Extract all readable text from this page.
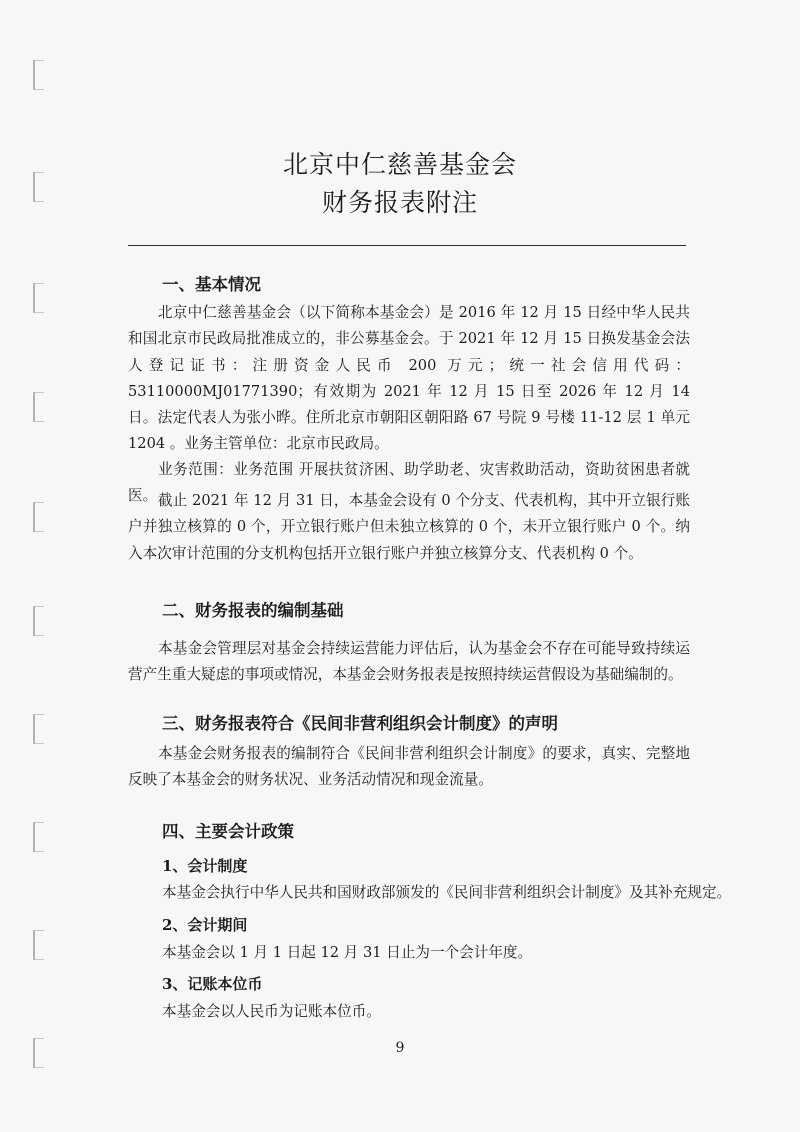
北京中仁慈善基金会
财务报表附注
一、基本情况
北京中仁慈善基金会（以下简称本基金会）是 2016 年 12 月 15 日经中华人民共和国北京市民政局批准成立的，非公募基金会。于 2021 年 12 月 15 日换发基金会法人登记证书：注册资金人民币 200 万元；统一社会信用代码：53110000MJ01771390；有效期为 2021 年 12 月 15 日至 2026 年 12 月 14 日。法定代表人为张小晔。住所北京市朝阳区朝阳路 67 号院 9 号楼 11-12 层 1 单元 1204 。业务主管单位：北京市民政局。
业务范围：业务范围 开展扶贫济困、助学助老、灾害救助活动，资助贫困患者就医。 截止 2021 年 12 月 31 日，本基金会设有 0 个分支、代表机构，其中开立银行账户并独立核算的 0 个，开立银行账户但未独立核算的 0 个，未开立银行账户 0 个。纳入本次审计范围的分支机构包括开立银行账户并独立核算分支、代表机构 0 个。
二、财务报表的编制基础
本基金会管理层对基金会持续运营能力评估后，认为基金会不存在可能导致持续运营产生重大疑虑的事项或情况，本基金会财务报表是按照持续运营假设为基础编制的。
三、财务报表符合《民间非营利组织会计制度》的声明
本基金会财务报表的编制符合《民间非营利组织会计制度》的要求，真实、完整地反映了本基金会的财务状况、业务活动情况和现金流量。
四、主要会计政策
1、会计制度
本基金会执行中华人民共和国财政部颁发的《民间非营利组织会计制度》及其补充规定。
2、会计期间
本基金会以 1 月 1 日起 12 月 31 日止为一个会计年度。
3、记账本位币
本基金会以人民币为记账本位币。
9
